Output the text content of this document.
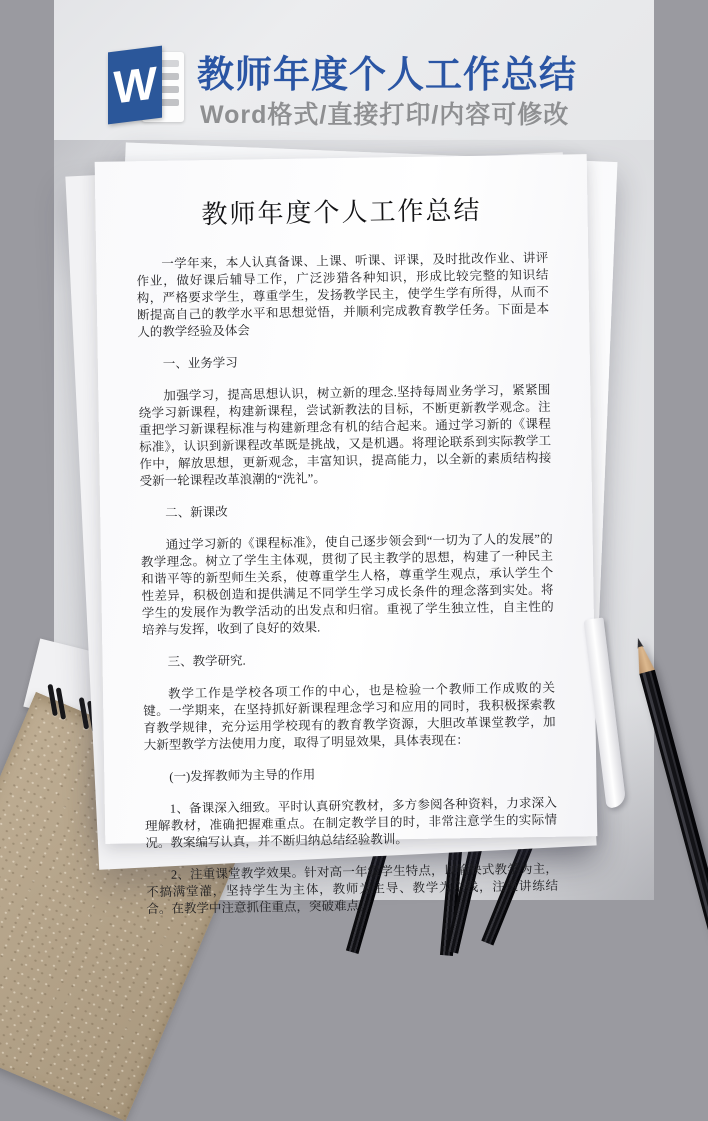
W 教师年度个人工作总结
Word格式/直接打印/内容可修改
教师年度个人工作总结

一学年来，本人认真备课、上课、听课、评课，及时批改作业、讲评作业，做好课后辅导工作，广泛涉猎各种知识，形成比较完整的知识结构，严格要求学生，尊重学生，发扬教学民主，使学生学有所得，从而不断提高自己的教学水平和思想觉悟，并顺利完成教育教学任务。下面是本人的教学经验及体会

一、业务学习

加强学习，提高思想认识，树立新的理念.坚持每周业务学习，紧紧围绕学习新课程，构建新课程，尝试新教法的目标，不断更新教学观念。注重把学习新课程标准与构建新理念有机的结合起来。通过学习新的《课程标准》，认识到新课程改革既是挑战，又是机遇。将理论联系到实际教学工作中，解放思想，更新观念，丰富知识，提高能力，以全新的素质结构接受新一轮课程改革浪潮的“洗礼”。

二、新课改

通过学习新的《课程标准》，使自己逐步领会到“一切为了人的发展”的教学理念。树立了学生主体观，贯彻了民主教学的思想，构建了一种民主和谐平等的新型师生关系，使尊重学生人格，尊重学生观点，承认学生个性差异，积极创造和提供满足不同学生学习成长条件的理念落到实处。将学生的发展作为教学活动的出发点和归宿。重视了学生独立性，自主性的培养与发挥，收到了良好的效果.

三、教学研究.

教学工作是学校各项工作的中心，也是检验一个教师工作成败的关键。一学期来，在坚持抓好新课程理念学习和应用的同时，我积极探索教育教学规律，充分运用学校现有的教育教学资源，大胆改革课堂教学，加大新型教学方法使用力度，取得了明显效果，具体表现在：

(一)发挥教师为主导的作用

1、备课深入细致。平时认真研究教材，多方参阅各种资料，力求深入理解教材，准确把握难重点。在制定教学目的时，非常注意学生的实际情况。教案编写认真，并不断归纳总结经验教训。

2、注重课堂教学效果。针对高一年级学生特点，以愉快式教学为主，不搞满堂灌，坚持学生为主体，教师为主导、教学为主线，注重讲练结合。在教学中注意抓住重点，突破难点。
